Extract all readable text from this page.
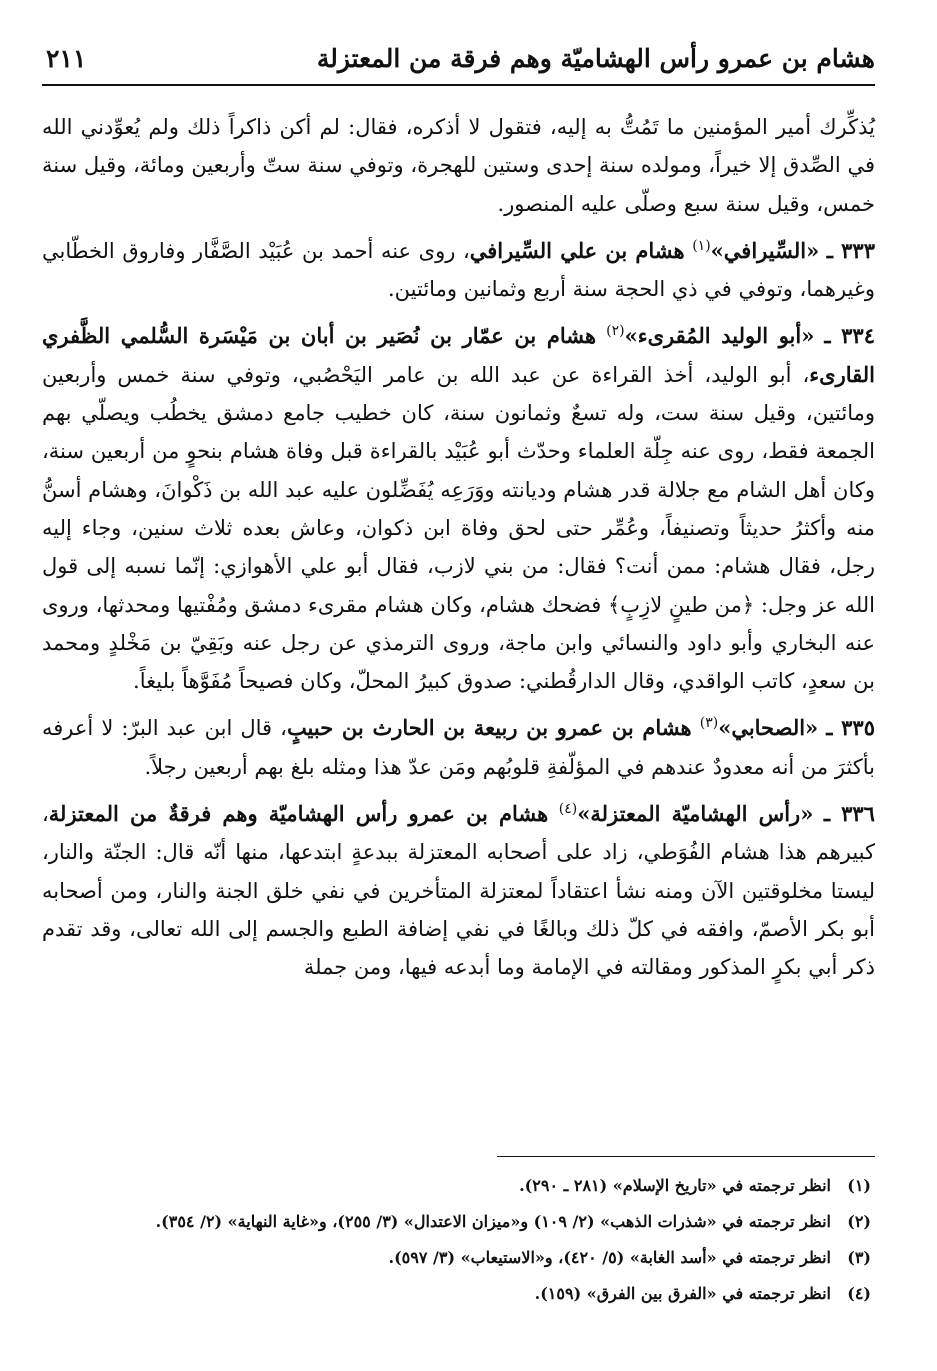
هشام بن عمرو رأس الهشاميّة وهم فرقة من المعتزلة
٢١١

يُذكِّرك أمير المؤمنين ما تَمُتُّ به إليه، فتقول لا أذكره، فقال: لم أكن ذاكراً ذلك ولم يُعوِّدني الله في الصِّدق إلا خيراً، ومولده سنة إحدى وستين للهجرة، وتوفي سنة ستّ وأربعين ومائة، وقيل سنة خمس، وقيل سنة سبع وصلّى عليه المنصور.

٣٣٣ ـ «السِّيرافي»$^{(١)}$ هشام بن علي السِّيرافي، روى عنه أحمد بن عُبَيْد الصَّفَّار وفاروق الخطّابي وغيرهما، وتوفي في ذي الحجة سنة أربع وثمانين ومائتين.

٣٣٤ ـ «أبو الوليد المُقرىء»$^{(٢)}$ هشام بن عمّار بن نُصَير بن أبان بن مَيْسَرة السُّلمي الظَّفري القارىء، أبو الوليد، أخذ القراءة عن عبد الله بن عامر اليَحْصُبي، وتوفي سنة خمس وأربعين ومائتين، وقيل سنة ست، وله تسعٌ وثمانون سنة، كان خطيب جامع دمشق يخطُب ويصلّي بهم الجمعة فقط، روى عنه جِلّة العلماء وحدّث أبو عُبَيْد بالقراءة قبل وفاة هشام بنحوٍ من أربعين سنة، وكان أهل الشام مع جلالة قدر هشام وديانته ووَرَعِه يُفَضِّلون عليه عبد الله بن ذَكْوانَ، وهشام أسنُّ منه وأكثرُ حديثاً وتصنيفاً، وعُمِّر حتى لحق وفاة ابن ذكوان، وعاش بعده ثلاث سنين، وجاء إليه رجل، فقال هشام: ممن أنت؟ فقال: من بني لازب، فقال أبو علي الأهوازي: إنّما نسبه إلى قول الله عز وجل: ﴿من طينٍ لازِبٍ﴾ فضحك هشام، وكان هشام مقرىء دمشق ومُفْتيها ومحدثها، وروى عنه البخاري وأبو داود والنسائي وابن ماجة، وروى الترمذي عن رجل عنه وبَقِيّ بن مَخْلدٍ ومحمد بن سعدٍ، كاتب الواقدي، وقال الدارقُطني: صدوق كبيرُ المحلّ، وكان فصيحاً مُفَوَّهاً بليغاً.

٣٣٥ ـ «الصحابي»$^{(٣)}$ هشام بن عمرو بن ربيعة بن الحارث بن حبيبٍ، قال ابن عبد البرّ: لا أعرفه بأكثرَ من أنه معدودٌ عندهم في المؤلّفةِ قلوبُهم ومَن عدّ هذا ومثله بلغ بهم أربعين رجلاً.

٣٣٦ ـ «رأس الهشاميّة المعتزلة»$^{(٤)}$ هشام بن عمرو رأس الهشاميّة وهم فرقةٌ من المعتزلة، كبيرهم هذا هشام الفُوَطي، زاد على أصحابه المعتزلة ببدعةٍ ابتدعها، منها أنّه قال: الجنّة والنار، ليستا مخلوقتين الآن ومنه نشأ اعتقاداً لمعتزلة المتأخرين في نفي خلق الجنة والنار، ومن أصحابه أبو بكر الأصمّ، وافقه في كلّ ذلك وبالغًا في نفي إضافة الطبع والجسم إلى الله تعالى، وقد تقدم ذكر أبي بكرٍ المذكور ومقالته في الإمامة وما أبدعه فيها، ومن جملة

(١)انظر ترجمته في «تاريخ الإسلام» (٢٨١ ـ ٢٩٠).
(٢)انظر ترجمته في «شذرات الذهب» (٢/ ١٠٩) و«ميزان الاعتدال» (٣/ ٢٥٥)، و«غاية النهاية» (٢/ ٣٥٤).
(٣)انظر ترجمته في «أسد الغابة» (٥/ ٤٢٠)، و«الاستيعاب» (٣/ ٥٩٧).
(٤)انظر ترجمته في «الفرق بين الفرق» (١٥٩).
